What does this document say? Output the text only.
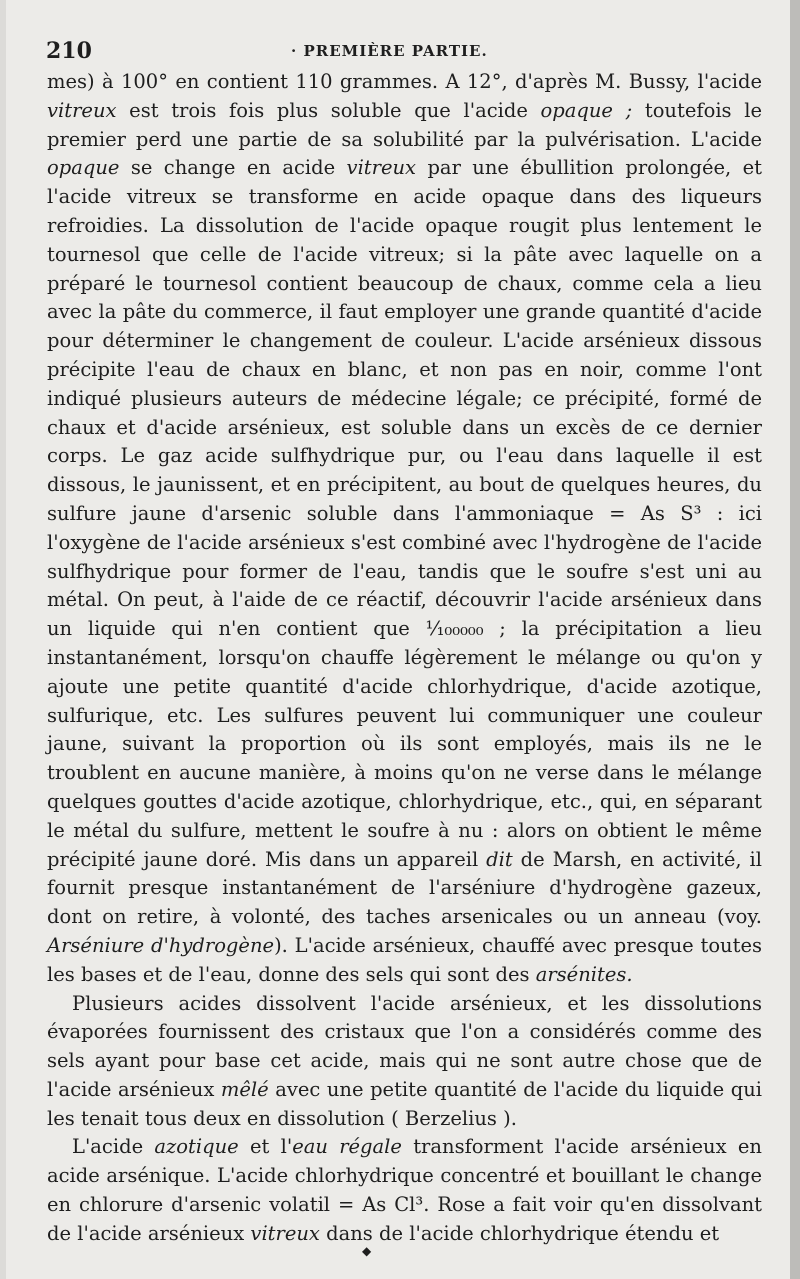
210	· PREMIÈRE PARTIE.

mes) à 100° en contient 110 grammes. A 12°, d'après M. Bussy, l'acide vitreux est trois fois plus soluble que l'acide opaque ; toutefois le premier perd une partie de sa solubilité par la pulvérisation. L'acide opaque se change en acide vitreux par une ébullition prolongée, et l'acide vitreux se transforme en acide opaque dans des liqueurs refroidies. La dissolution de l'acide opaque rougit plus lentement le tournesol que celle de l'acide vitreux; si la pâte avec laquelle on a préparé le tournesol contient beaucoup de chaux, comme cela a lieu avec la pâte du commerce, il faut employer une grande quantité d'acide pour déterminer le changement de couleur. L'acide arsénieux dissous précipite l'eau de chaux en blanc, et non pas en noir, comme l'ont indiqué plusieurs auteurs de médecine légale; ce précipité, formé de chaux et d'acide arsénieux, est soluble dans un excès de ce dernier corps. Le gaz acide sulfhydrique pur, ou l'eau dans laquelle il est dissous, le jaunissent, et en précipitent, au bout de quelques heures, du sulfure jaune d'arsenic soluble dans l'ammoniaque = As S³ : ici l'oxygène de l'acide arsénieux s'est combiné avec l'hydrogène de l'acide sulfhydrique pour former de l'eau, tandis que le soufre s'est uni au métal. On peut, à l'aide de ce réactif, découvrir l'acide arsénieux dans un liquide qui n'en contient que ¹⁄₁₀₀₀₀₀ ; la précipitation a lieu instantanément, lorsqu'on chauffe légèrement le mélange ou qu'on y ajoute une petite quantité d'acide chlorhydrique, d'acide azotique, sulfurique, etc. Les sulfures peuvent lui communiquer une couleur jaune, suivant la proportion où ils sont employés, mais ils ne le troublent en aucune manière, à moins qu'on ne verse dans le mélange quelques gouttes d'acide azotique, chlorhydrique, etc., qui, en séparant le métal du sulfure, mettent le soufre à nu : alors on obtient le même précipité jaune doré. Mis dans un appareil dit de Marsh, en activité, il fournit presque instantanément de l'arséniure d'hydrogène gazeux, dont on retire, à volonté, des taches arsenicales ou un anneau (voy. Arséniure d'hydrogène). L'acide arsénieux, chauffé avec presque toutes les bases et de l'eau, donne des sels qui sont des arsénites.

Plusieurs acides dissolvent l'acide arsénieux, et les dissolutions évaporées fournissent des cristaux que l'on a considérés comme des sels ayant pour base cet acide, mais qui ne sont autre chose que de l'acide arsénieux mêlé avec une petite quantité de l'acide du liquide qui les tenait tous deux en dissolution ( Berzelius ).

L'acide azotique et l'eau régale transforment l'acide arsénieux en acide arsénique. L'acide chlorhydrique concentré et bouillant le change en chlorure d'arsenic volatil = As Cl³. Rose a fait voir qu'en dissolvant de l'acide arsénieux vitreux dans de l'acide chlorhydrique étendu et

◆
